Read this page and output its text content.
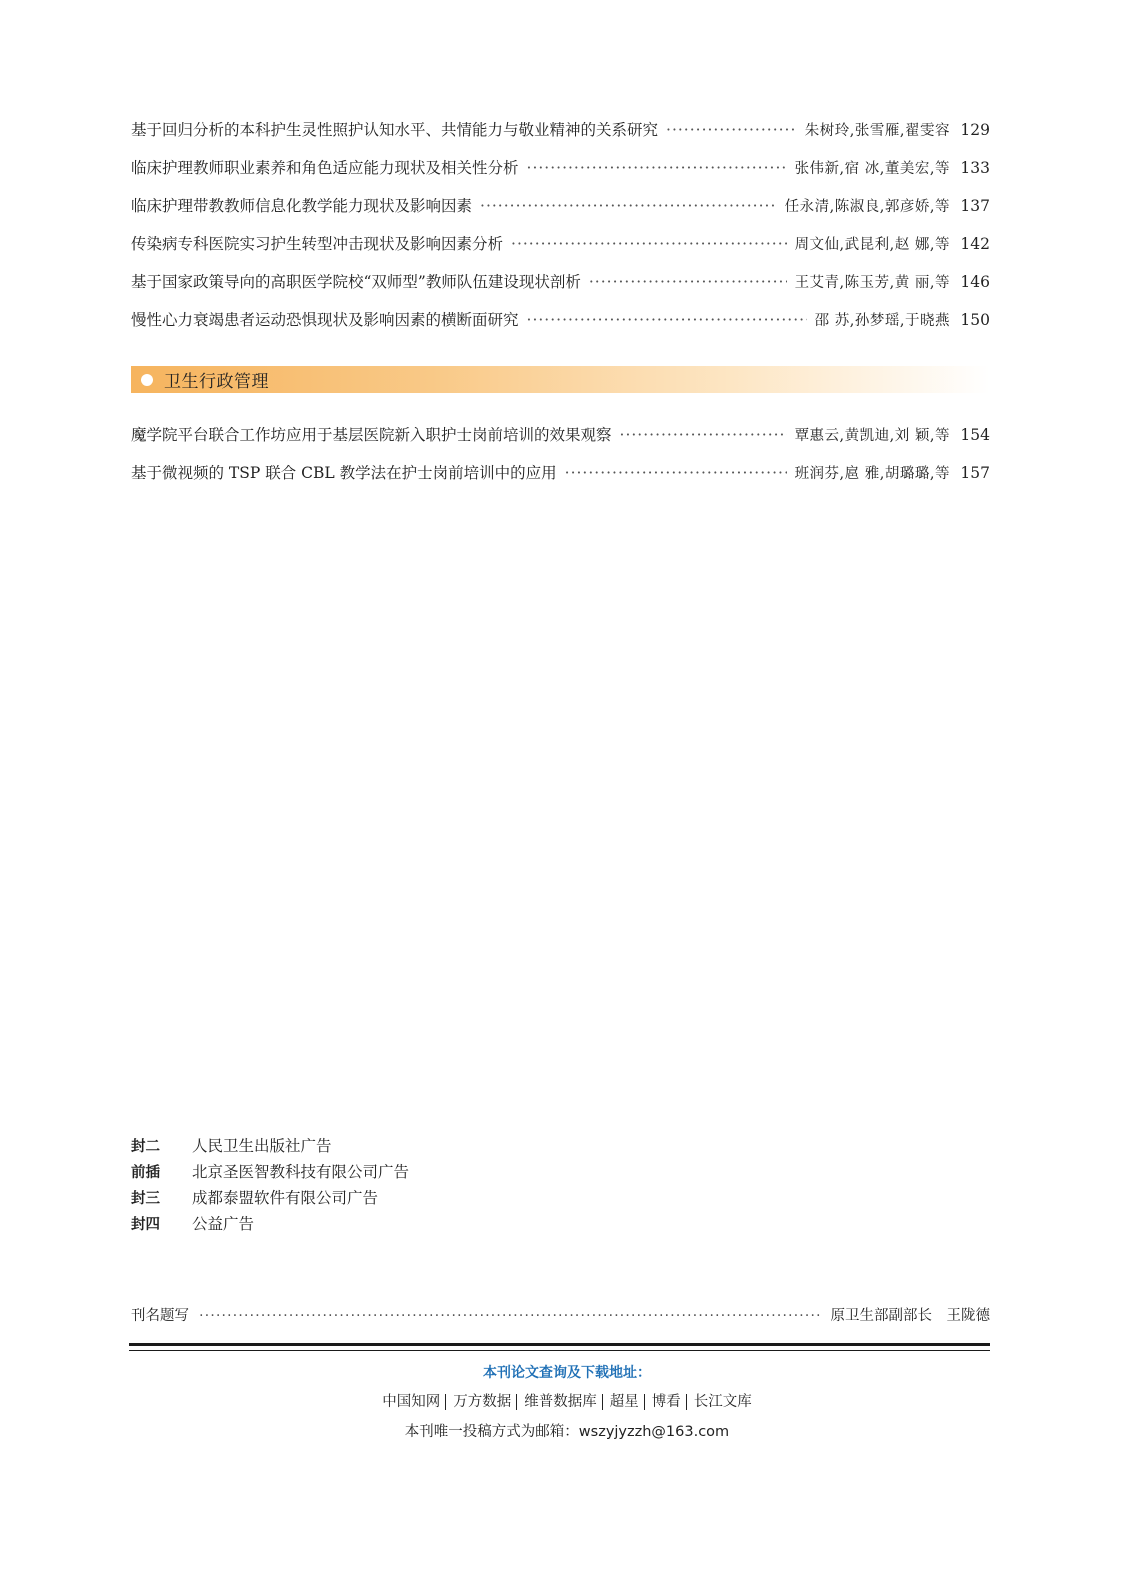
基于回归分析的本科护生灵性照护认知水平、共情能力与敬业精神的关系研究 ·····	朱树玲,张雪雁,翟雯容 129
临床护理教师职业素养和角色适应能力现状及相关性分析 ·····	张伟新,宿 冰,董美宏,等 133
临床护理带教教师信息化教学能力现状及影响因素 ·····	任永清,陈淑良,郭彦娇,等 137
传染病专科医院实习护生转型冲击现状及影响因素分析 ·····	周文仙,武昆利,赵 娜,等 142
基于国家政策导向的高职医学院校“双师型”教师队伍建设现状剖析 ·····	王艾青,陈玉芳,黄 丽,等 146
慢性心力衰竭患者运动恐惧现状及影响因素的横断面研究 ·····	邵 苏,孙梦瑶,于晓燕 150
卫生行政管理
魔学院平台联合工作坊应用于基层医院新入职护士岗前培训的效果观察 ·····	覃惠云,黄凯迪,刘 颖,等 154
基于微视频的 TSP 联合 CBL 教学法在护士岗前培训中的应用 ·····	班润芬,扈 雅,胡璐璐,等 157
封二 人民卫生出版社广告
前插 北京圣医智教科技有限公司广告
封三 成都泰盟软件有限公司广告
封四 公益广告
刊名题写 ·····	原卫生部副部长　王陇德
本刊论文查询及下载地址：
中国知网 万方数据 维普数据库 超星 博看 长江文库
本刊唯一投稿方式为邮箱：wszyjyzzh@163.com
